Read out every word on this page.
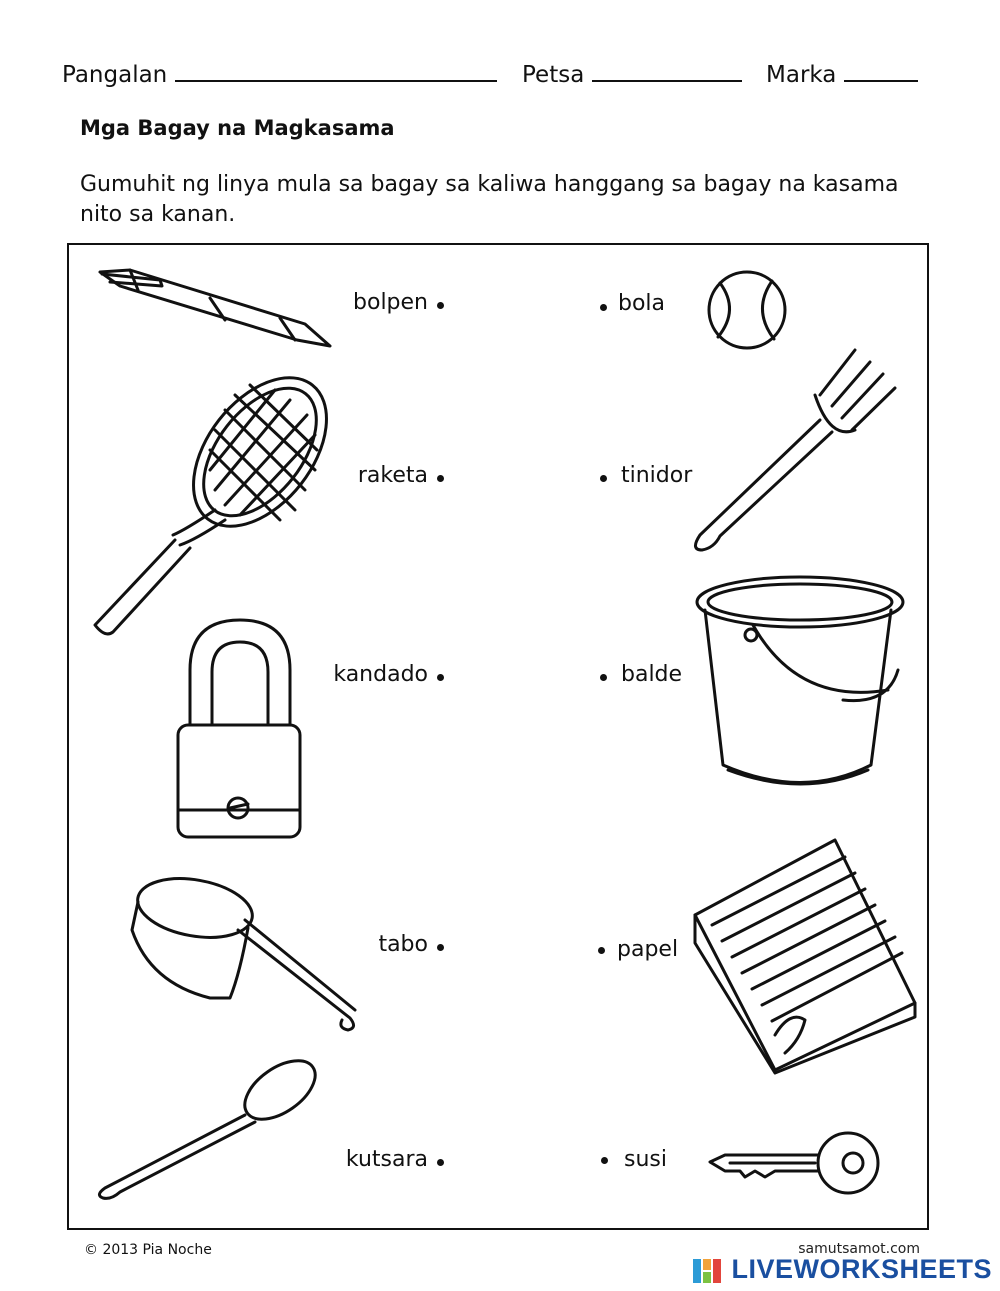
Pangalan	Petsa	Marka
Mga Bagay na Magkasama
Gumuhit ng linya mula sa bagay sa kaliwa hanggang sa bagay na kasama nito sa kanan.
bolpen
raketa
kandado
tabo
kutsara
bola
tinidor
balde
papel
susi
© 2013 Pia Noche	samutsamot.com
LIVEWORKSHEETS
